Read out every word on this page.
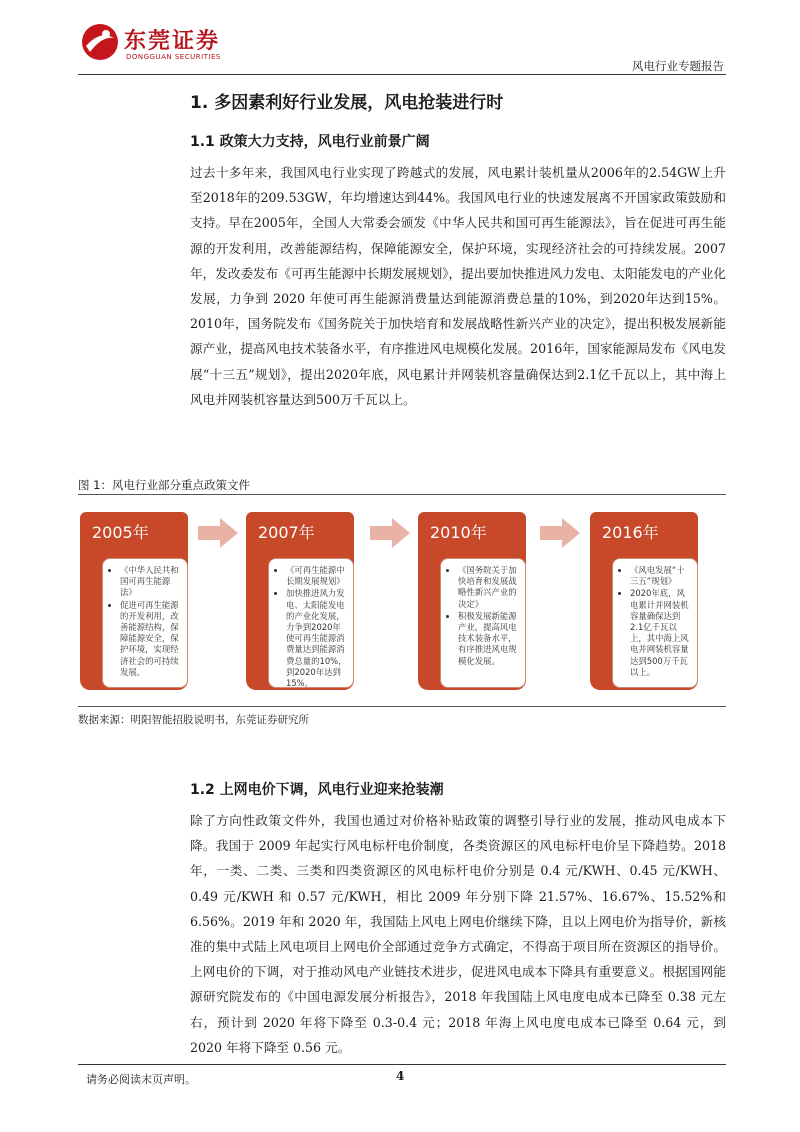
东莞证券
DONGGUAN SECURITIES
风电行业专题报告
1. 多因素利好行业发展，风电抢装进行时
1.1 政策大力支持，风电行业前景广阔

过去十多年来，我国风电行业实现了跨越式的发展，风电累计装机量从2006年的2.54GW上升至2018年的209.53GW，年均增速达到44%。我国风电行业的快速发展离不开国家政策鼓励和支持。早在2005年，全国人大常委会颁发《中华人民共和国可再生能源法》，旨在促进可再生能源的开发利用，改善能源结构，保障能源安全，保护环境，实现经济社会的可持续发展。2007年，发改委发布《可再生能源中长期发展规划》，提出要加快推进风力发电、太阳能发电的产业化发展，力争到 2020 年使可再生能源消费量达到能源消费总量的10%，到2020年达到15%。2010年，国务院发布《国务院关于加快培育和发展战略性新兴产业的决定》，提出积极发展新能源产业，提高风电技术装备水平，有序推进风电规模化发展。2016年，国家能源局发布《风电发展“十三五”规划》，提出2020年底，风电累计并网装机容量确保达到2.1亿千瓦以上，其中海上风电并网装机容量达到500万千瓦以上。

图 1：风电行业部分重点政策文件
2005年
• 《中华人民共和国可再生能源法》
• 促进可再生能源的开发利用，改善能源结构，保障能源安全，保护环境，实现经济社会的可持续发展。
2007年
• 《可再生能源中长期发展规划》
• 加快推进风力发电、太阳能发电的产业化发展，力争到2020年使可再生能源消费量达到能源消费总量的10%，到2020年达到15%。
2010年
• 《国务院关于加快培育和发展战略性新兴产业的决定》
• 积极发展新能源产业，提高风电技术装备水平，有序推进风电规模化发展。
2016年
• 《风电发展“十三五”规划》
• 2020年底，风电累计并网装机容量确保达到2.1亿千瓦以上，其中海上风电并网装机容量达到500万千瓦以上。
数据来源：明阳智能招股说明书，东莞证券研究所
1.2 上网电价下调，风电行业迎来抢装潮

除了方向性政策文件外，我国也通过对价格补贴政策的调整引导行业的发展，推动风电成本下降。我国于 2009 年起实行风电标杆电价制度，各类资源区的风电标杆电价呈下降趋势。2018 年，一类、二类、三类和四类资源区的风电标杆电价分别是 0.4 元/KWH、0.45 元/KWH、0.49 元/KWH 和 0.57 元/KWH，相比 2009 年分别下降 21.57%、16.67%、15.52%和 6.56%。2019 年和 2020 年，我国陆上风电上网电价继续下降，且以上网电价为指导价，新核准的集中式陆上风电项目上网电价全部通过竞争方式确定，不得高于项目所在资源区的指导价。上网电价的下调，对于推动风电产业链技术进步，促进风电成本下降具有重要意义。根据国网能源研究院发布的《中国电源发展分析报告》，2018 年我国陆上风电度电成本已降至 0.38 元左右，预计到 2020 年将下降至 0.3-0.4 元；2018 年海上风电度电成本已降至 0.64 元，到 2020 年将下降至 0.56 元。

请务必阅读末页声明。	4
